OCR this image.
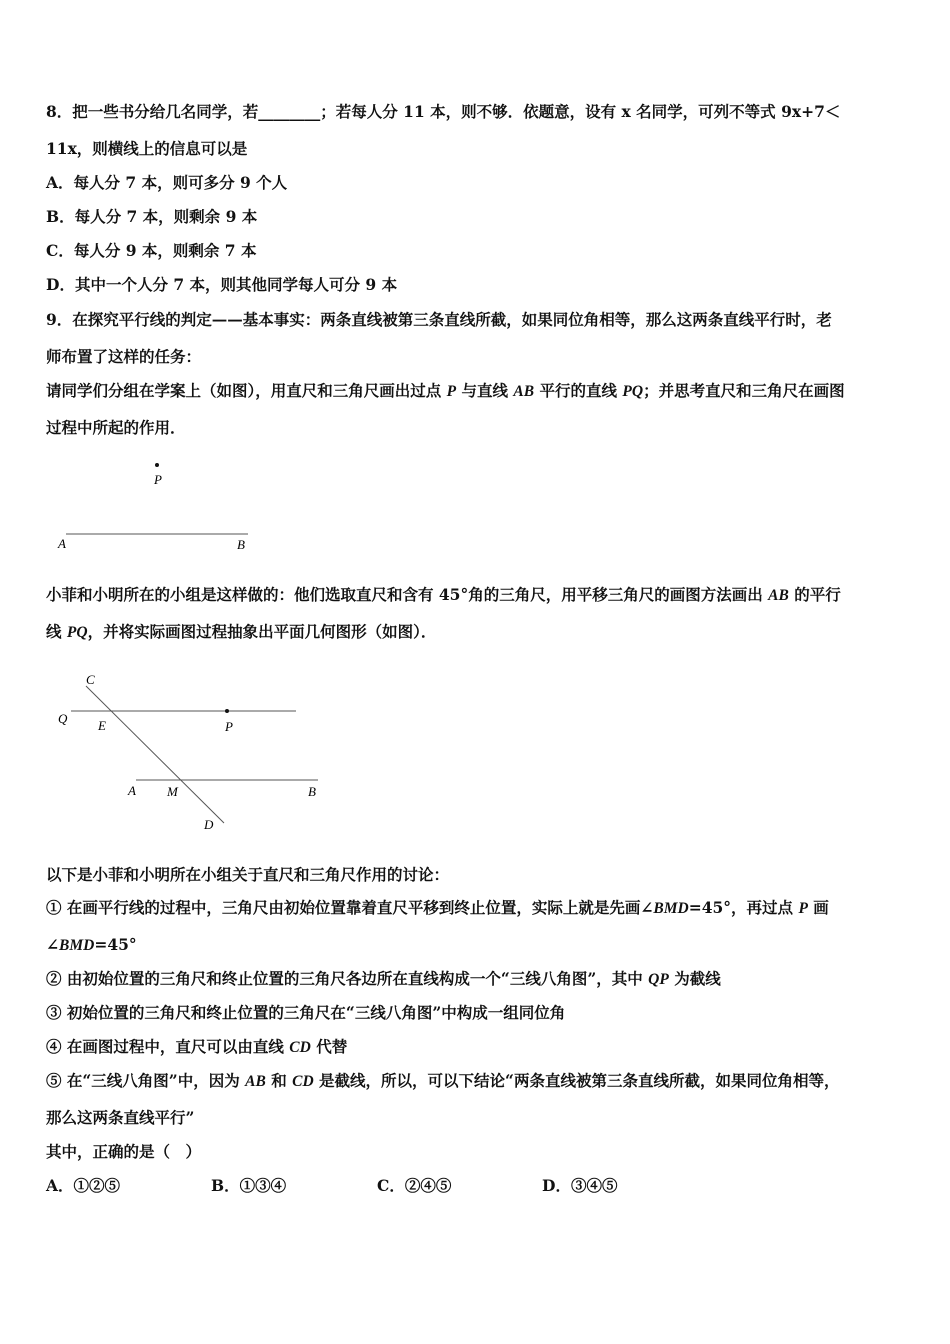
8．把一些书分给几名同学，若________；若每人分 11 本，则不够．依题意，设有 x 名同学，可列不等式 9x+7＜
11x，则横线上的信息可以是
A．每人分 7 本，则可多分 9 个人
B．每人分 7 本，则剩余 9 本
C．每人分 9 本，则剩余 7 本
D．其中一个人分 7 本，则其他同学每人可分 9 本
9．在探究平行线的判定——基本事实：两条直线被第三条直线所截，如果同位角相等，那么这两条直线平行时，老
师布置了这样的任务：
请同学们分组在学案上（如图），用直尺和三角尺画出过点 P 与直线 AB 平行的直线 PQ；并思考直尺和三角尺在画图
过程中所起的作用．
P
A	B
小菲和小明所在的小组是这样做的：他们选取直尺和含有 45°角的三角尺，用平移三角尺的画图方法画出 AB 的平行
线 PQ，并将实际画图过程抽象出平面几何图形（如图）．
C
Q E	P
A M	B
D
以下是小菲和小明所在小组关于直尺和三角尺作用的讨论：
① 在画平行线的过程中，三角尺由初始位置靠着直尺平移到终止位置，实际上就是先画∠BMD=45°，再过点 P 画
∠BMD=45°
② 由初始位置的三角尺和终止位置的三角尺各边所在直线构成一个“三线八角图”，其中 QP 为截线
③ 初始位置的三角尺和终止位置的三角尺在“三线八角图”中构成一组同位角
④ 在画图过程中，直尺可以由直线 CD 代替
⑤ 在“三线八角图”中，因为 AB 和 CD 是截线，所以，可以下结论“两条直线被第三条直线所截，如果同位角相等，
那么这两条直线平行”
其中，正确的是（　）
A．①②⑤	B．①③④	C．②④⑤	D．③④⑤
